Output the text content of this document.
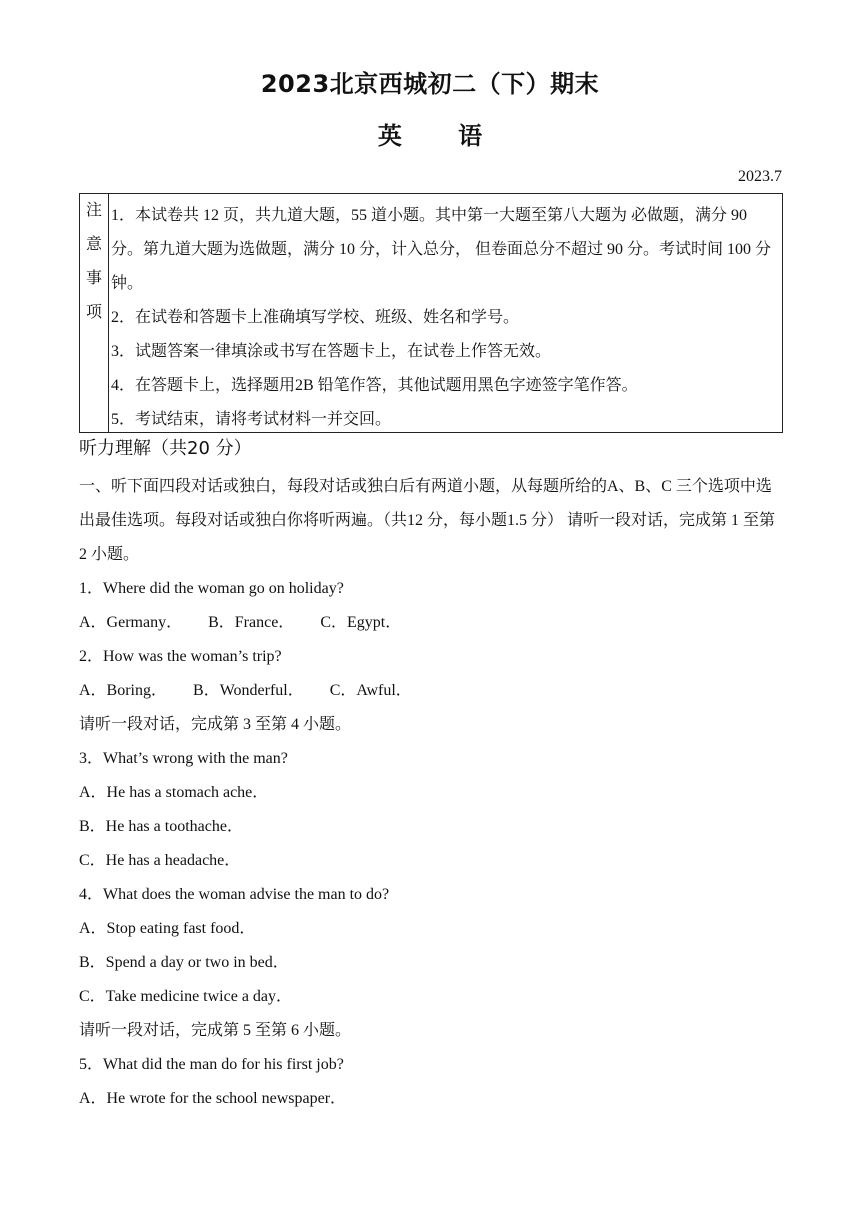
2023北京西城初二（下）期末
英 语
2023.7
注
意
事
项
1．本试卷共 12 页，共九道大题，55 道小题。其中第一大题至第八大题为 必做题，满分 90 分。第九道大题为选做题，满分 10 分，计入总分， 但卷面总分不超过 90 分。考试时间 100 分钟。
2．在试卷和答题卡上准确填写学校、班级、姓名和学号。
3．试题答案一律填涂或书写在答题卡上，在试卷上作答无效。
4．在答题卡上，选择题用2B 铅笔作答，其他试题用黑色字迹签字笔作答。
5．考试结束，请将考试材料一并交回。
听力理解（共20 分）
一、听下面四段对话或独白，每段对话或独白后有两道小题，从每题所给的A、B、C 三个选项中选出最佳选项。每段对话或独白你将听两遍。（共12 分，每小题1.5 分） 请听一段对话，完成第 1 至第 2 小题。
1．Where did the woman go on holiday?
A．Germany． B．France． C．Egypt．
2．How was the woman’s trip?
A．Boring． B．Wonderful． C．Awful．
请听一段对话，完成第 3 至第 4 小题。
3．What’s wrong with the man?
A．He has a stomach ache．
B．He has a toothache．
C．He has a headache．
4．What does the woman advise the man to do?
A．Stop eating fast food．
B．Spend a day or two in bed．
C．Take medicine twice a day．
请听一段对话，完成第 5 至第 6 小题。
5．What did the man do for his first job?
A．He wrote for the school newspaper．
